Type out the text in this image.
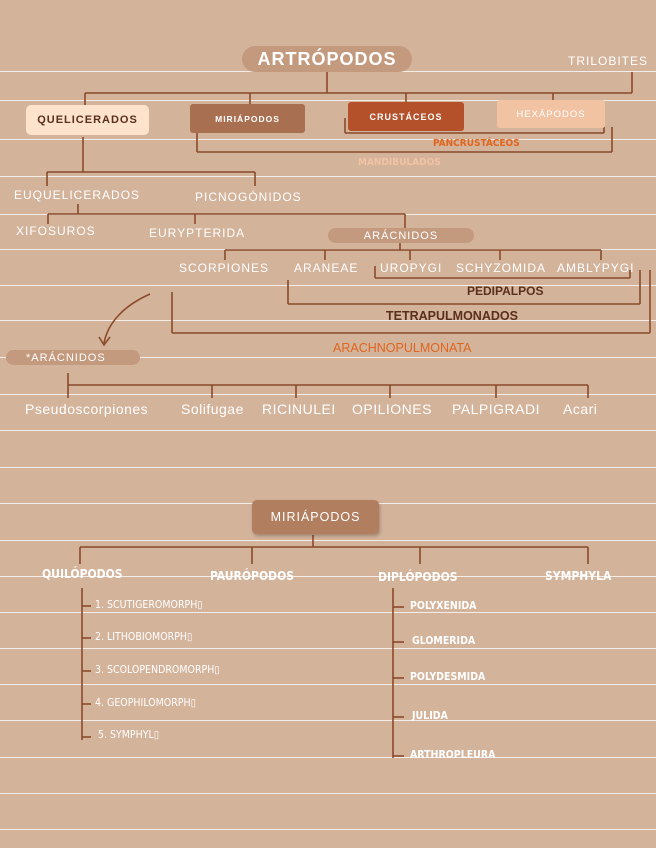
ARTRÓPODOS	TRILOBITES
QUELICERADOS	MIRIÁPODOS	CRUSTÁCEOS	HEXÁPODOS
PANCRUSTÁCEOS
MANDIBULADOS
EUQUELICERADOS	PICNOGÓNIDOS
XIFOSUROS	EURYPTERIDA	ARÁCNIDOS
SCORPIONES ARANEAE UROPYGI SCHYZOMIDA AMBLYPYGI
PEDIPALPOS
TETRAPULMONADOS
ARACHNOPULMONATA
*ARÁCNIDOS
Pseudoscorpiones Solifugae RICINULEI OPILIONES PALPIGRADI Acari
MIRIÁPODOS
QUILÓPODOS	PAURÓPODOS	DIPLÓPODOS	SYMPHYLA
1. SCUTIGEROMORPH▯
2. LITHOBIOMORPH▯
3. SCOLOPENDROMORPH▯
4. GEOPHILOMORPH▯
5. SYMPHYL▯
POLYXENIDA
GLOMERIDA
POLYDESMIDA
JULIDA
ARTHROPLEURA
